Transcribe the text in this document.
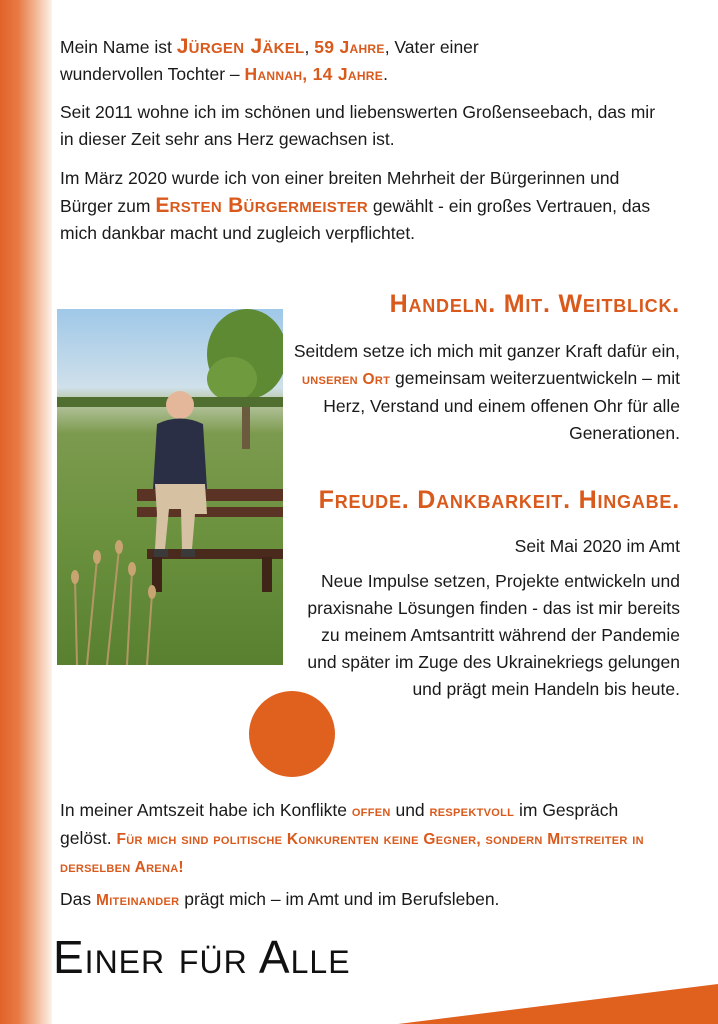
Mein Name ist Jürgen Jäkel, 59 Jahre, Vater einer
wundervollen Tochter – Hannah, 14 Jahre.

Seit 2011 wohne ich im schönen und liebenswerten Großenseebach, das mir in dieser Zeit sehr ans Herz gewachsen ist.

Im März 2020 wurde ich von einer breiten Mehrheit der Bürgerinnen und Bürger zum Ersten Bürgermeister gewählt - ein großes Vertrauen, das mich dankbar macht und zugleich verpflichtet.

Handeln. Mit. Weitblick.

Seitdem setze ich mich mit ganzer Kraft dafür ein, unseren Ort gemeinsam weiterzuentwickeln – mit Herz, Verstand und einem offenen Ohr für alle Generationen.

Freude. Dankbarkeit. Hingabe.

Seit Mai 2020 im Amt

Neue Impulse setzen, Projekte entwickeln und praxisnahe Lösungen finden - das ist mir bereits zu meinem Amtsantritt während der Pandemie und später im Zuge des Ukrainekriegs gelungen und prägt mein Handeln bis heute.

In meiner Amtszeit habe ich Konflikte offen und respektvoll im Gespräch gelöst. Für mich sind politische Konkurenten keine Gegner, sondern Mitstreiter in derselben Arena!

Das Miteinander prägt mich – im Amt und im Berufsleben.

Einer für Alle
